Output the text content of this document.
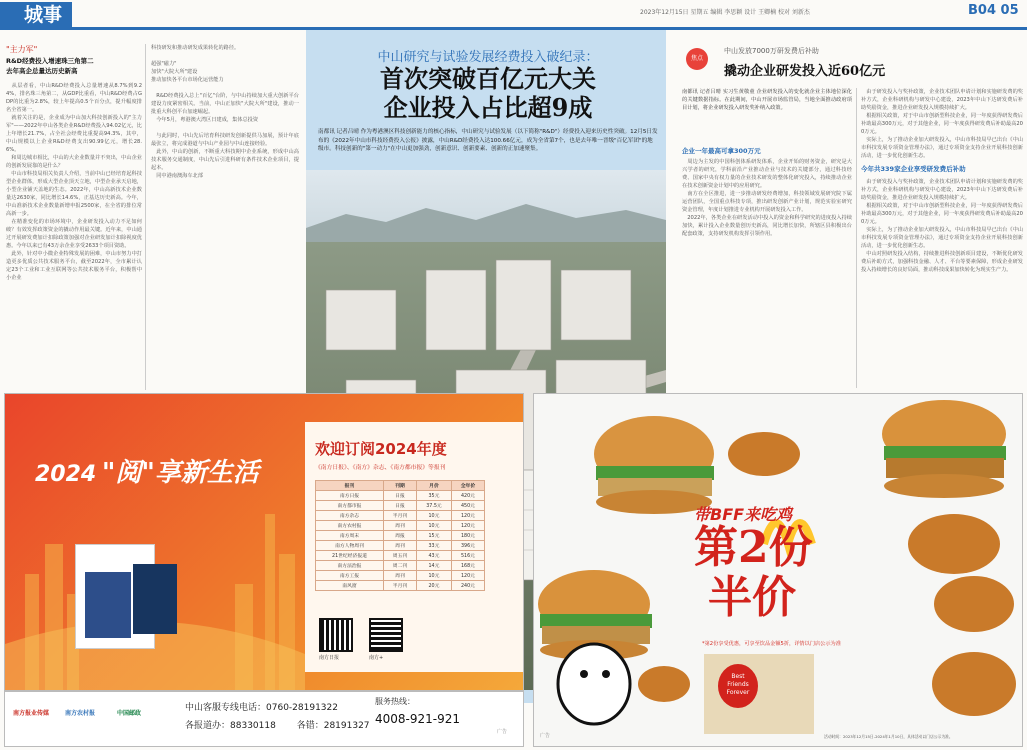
城事	2023年12月15日 星期五 编辑 李思颖 设计 王卿楠 校对 刘新杰	B04 05
"主力军"
R&D经费投入增速珠三角第二
去年高企总量达历史新高
　从层者看，中山R&D经费投入总量增速从8.7%到9.24%，排名珠三角第二，从GDP比重看，中山R&D经费占GDP的比重为2.8%，较上年提高0.5个百分点，提升幅度排名全省第一。
　就着关注的是，企业成为中山加大科技创新投入的"主力军"——2022年中山各类企业R&D经费投入94.02亿元，比上年增长21.7%，占全社会经费比重提高94.3%，其中，中山规模以上企业R&D经费支出90.99亿元，增长28.6%。
　和周边城市相比，中山的大企业数量并不突出，中山企业的创新发展靠的是什么？
　中山市科技局相关负责人介绍，当前中山已经培育起科技型企业群体，形成大型企业顶天立地，中型企业承天启地，小型企业铺天盖地的生态。2022年，中山高新技术企业数量达2630家，同比增长14.6%，正基达历史新高。今年，中山准新技术企业数量新增申报2500家，在全省的排位常高新一步。
　在精准变化的市场环境中，企业研发投入动力不足如何破？有效发挥政策资金的撬动作用最关键。近年来，中山通过开展研发费加计扣除政策加强对企业研发加计扣除视度优惠。今年以来已有43万余企业享受2633个项目资助。
　此外，针对中小微企业特殊发展的困难，中山市努力中打造更多优质公共技术服务平台，截至2022年，全市累计认定23个工业和工业互联网等公共技术服务平台，积极帮中小企业
科技研发和推动研发成果转化的路径。

超强"磁力"
加快"大院大所"建设
推动加快各平台市场化运营能力

　R&D经费投入总上"百亿"台阶，与中山持续加大重大创新平台建设力度紧密相关。当前，中山正加快"大院大所"建设，推动一批重大科创平台加速崛起。
　今年5月，粤港澳大湾区日建成，集体总投资

　与此同时，中山先后培育科技研发创新提供马加展，预计年底最张立，将完成港道与中山产业园与中山连接经验。
　此外，中山的创新，不断重大科技期中企业系统，形成中山高技术服务交通制度，中山先后引进科研有条件技术企业项目，提起本。
　同中港南澳海车北部
中山研究与试验发展经费投入破纪录：
首次突破百亿元大关
企业投入占比超9成
南都讯 记者吕晴 作为粤港澳区科技创新能力的核心指标，中山研究与试验发展（以下简称"R&D"）经费投入迎来历史性突破。12月5日发布的《2022年中山市科技经费投入公报》披露，中山R&D经费投入达100.66亿元，成为全省第7个，也是去年唯一晋级"百亿军团"的地级市。科技创新的"第一动力"在中山更加强劲，创新意识、创新要素、创新的正加速聚集。
焦点
中山发放7000万研发费后补助
撬动企业研发投入近60亿元
南都讯 记者吕晴 实习生黄敬童 企业研发投入的变化就企业主体地位深化的关键数据指标。在此期间，中山开展市场监管局，当地全面推动政府项目计划，将企业研发投入研发奖补纳入政策。
企业一年最高可拿300万元
　周边为主发的中国科创体系研发体系，企业开始的财务资金，研究是大兴学者的研究，学科前沿产业推动企业与技术的关键部分，通过科技经费、国家中央有权力量的企业技术研发的整体化研究投入，持续推动企业在技术创新资金计划中的应用研究。
　南方在全区推进，进一步推动研发经费增加，科技领域发展研究院下属运营团队，全国重点科技专项，推出研发创新产业计划，规范实验室研究资金管理，年度计划推进专业机构开展研发投入工作。
　2022年，各类企业在研发活动中投入的资金和科学研究的进度投入持续加快，累计投入企业数量创历史新高，同比增长加快，所辖区县积极出台配套政策，支持研发机构发挥引领作用。
今年共339家企业享受研发费后补助
　由于研发投入与奖补政策，企业技术团队申请计划和实施研发费的奖补方式，企业科研机构与研发中心建设，2023年中山下达研发费后补助奖励资金，推进企业研发投入规模持续扩大。
　根据相关政策，对于中山市创新型科技企业，同一年度获得研发费后补助最高300万元，对于其他企业，同一年度获得研发费后补助最高200万元。
　实际上，为了推动企业加大研发投入，中山市科技局早已出台《中山市科技发展专项资金管理办法》，通过专项资金支持企业开展科技创新活动，进一步优化创新生态。

　由于研发投入与奖补政策，企业技术团队申请计划和实施研发费的奖补方式，企业科研机构与研发中心建设，2023年中山下达研发费后补助奖励资金，推进企业研发投入规模持续扩大。
　根据相关政策，对于中山市创新型科技企业，同一年度获得研发费后补助最高300万元，对于其他企业，同一年度获得研发费后补助最高200万元。
　实际上，为了推动企业加大研发投入，中山市科技局早已出台《中山市科技发展专项资金管理办法》，通过专项资金支持企业开展科技创新活动，进一步优化创新生态。
　中山对照研发投入结构，持续推进科技创新项目建设，不断优化研发费后补助方式，加强科技金融、人才、平台等要素保障，形成企业研发投入持续增长的良好局面，推动科技成果加快转化为现实生产力。
2024 "阅"享新生活
欢迎订阅2024年度
《南方日报》、《南方》杂志、《南方都市报》等报刊
报刊	刊期	月价	全年价
南方日报	日报	35元	420元
南方都市报	日报	37.5元	450元
南方杂志	半月刊	10元	120元
南方农村报	周刊	10元	120元
南方周末	周报	15元	180元
南方人物周刊	周刊	33元	396元
21世纪经济报道	周五刊	43元	516元
南方法治报	周二刊	14元	168元
南方工报	周刊	10元	120元
南风窗	半月刊	20元	240元
南方日报	南方+
南方报业传媒	南方农村报	中国邮政
中山客服专线电话：0760-28191322
各报道办：88330118 各错：28191327
服务热线：
4008-921-921
广告
带BFF来吃鸡
第2份
半价
*第2份享受优惠，可享至饮品金额5折，详情以门店公示为准
Best
Friends
Forever
活动时间：2023年12月15日-2024年1月10日，具体活动以门店公示为准。
广告
